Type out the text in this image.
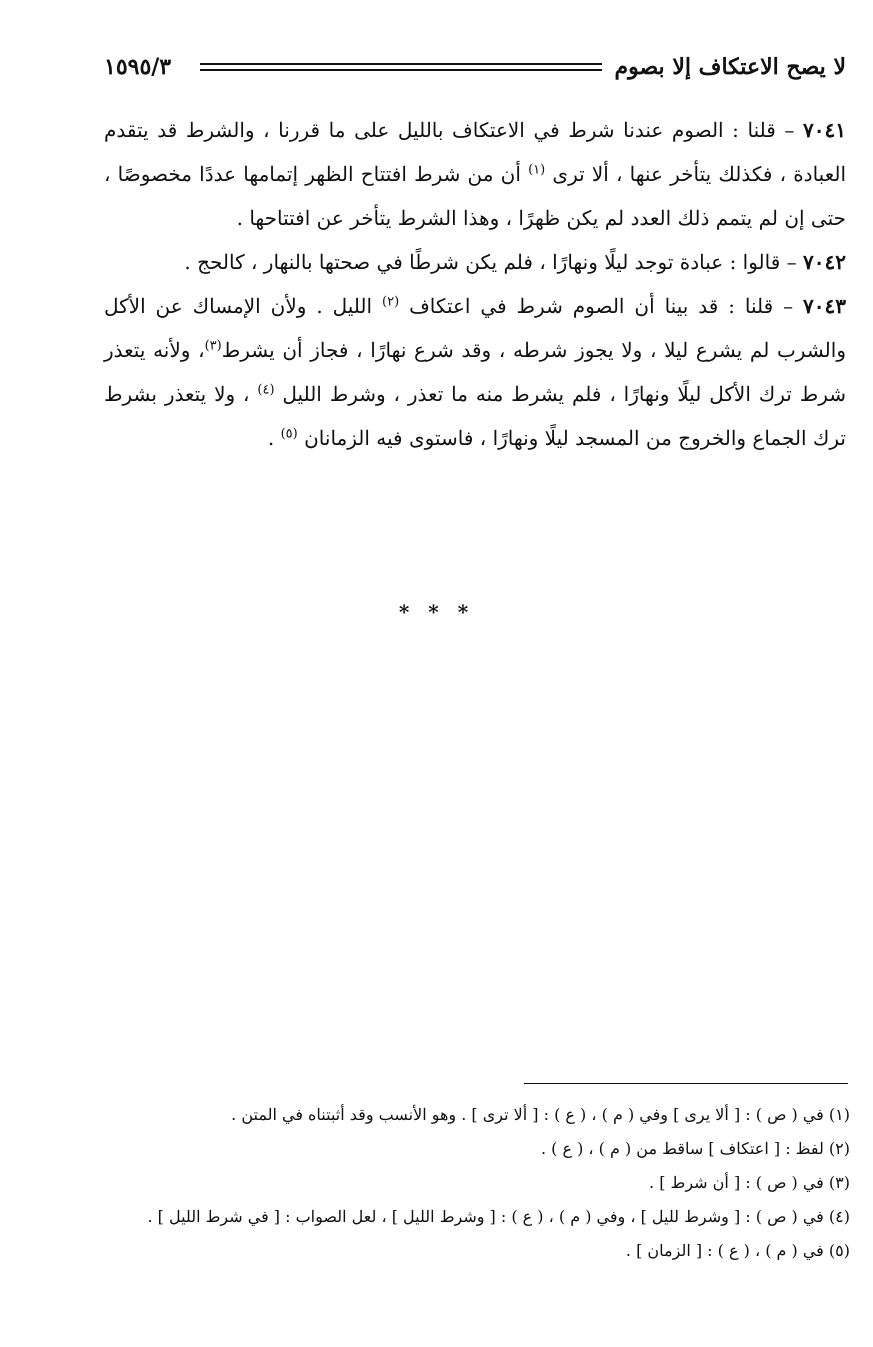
لا يصح الاعتكاف إلا بصوم
١٥٩٥/٣

٧٠٤١ – قلنا : الصوم عندنا شرط في الاعتكاف بالليل على ما قررنا ، والشرط قد يتقدم العبادة ، فكذلك يتأخر عنها ، ألا ترى $^{(١)}$ أن من شرط افتتاح الظهر إتمامها عددًا مخصوصًا ، حتى إن لم يتمم ذلك العدد لم يكن ظهرًا ، وهذا الشرط يتأخر عن افتتاحها .

٧٠٤٢ – قالوا : عبادة توجد ليلًا ونهارًا ، فلم يكن شرطًا في صحتها بالنهار ، كالحج .

٧٠٤٣ – قلنا : قد بينا أن الصوم شرط في اعتكاف $^{(٢)}$ الليل . ولأن الإمساك عن الأكل والشرب لم يشرع ليلا ، ولا يجوز شرطه ، وقد شرع نهارًا ، فجاز أن يشرط$^{(٣)}$، ولأنه يتعذر شرط ترك الأكل ليلًا ونهارًا ، فلم يشرط منه ما تعذر ، وشرط الليل $^{(٤)}$ ، ولا يتعذر بشرط ترك الجماع والخروج من المسجد ليلًا ونهارًا ، فاستوى فيه الزمانان $^{(٥)}$ .

* * *
(١) في ( ص ) : [ ألا يرى ] وفي ( م ) ، ( ع ) : [ ألا ترى ] . وهو الأنسب وقد أثبتناه في المتن .
(٢) لفظ : [ اعتكاف ] ساقط من ( م ) ، ( ع ) .
(٣) في ( ص ) : [ أن شرط ] .
(٤) في ( ص ) : [ وشرط لليل ] ، وفي ( م ) ، ( ع ) : [ وشرط الليل ] ، لعل الصواب : [ في شرط الليل ] .
(٥) في ( م ) ، ( ع ) : [ الزمان ] .
